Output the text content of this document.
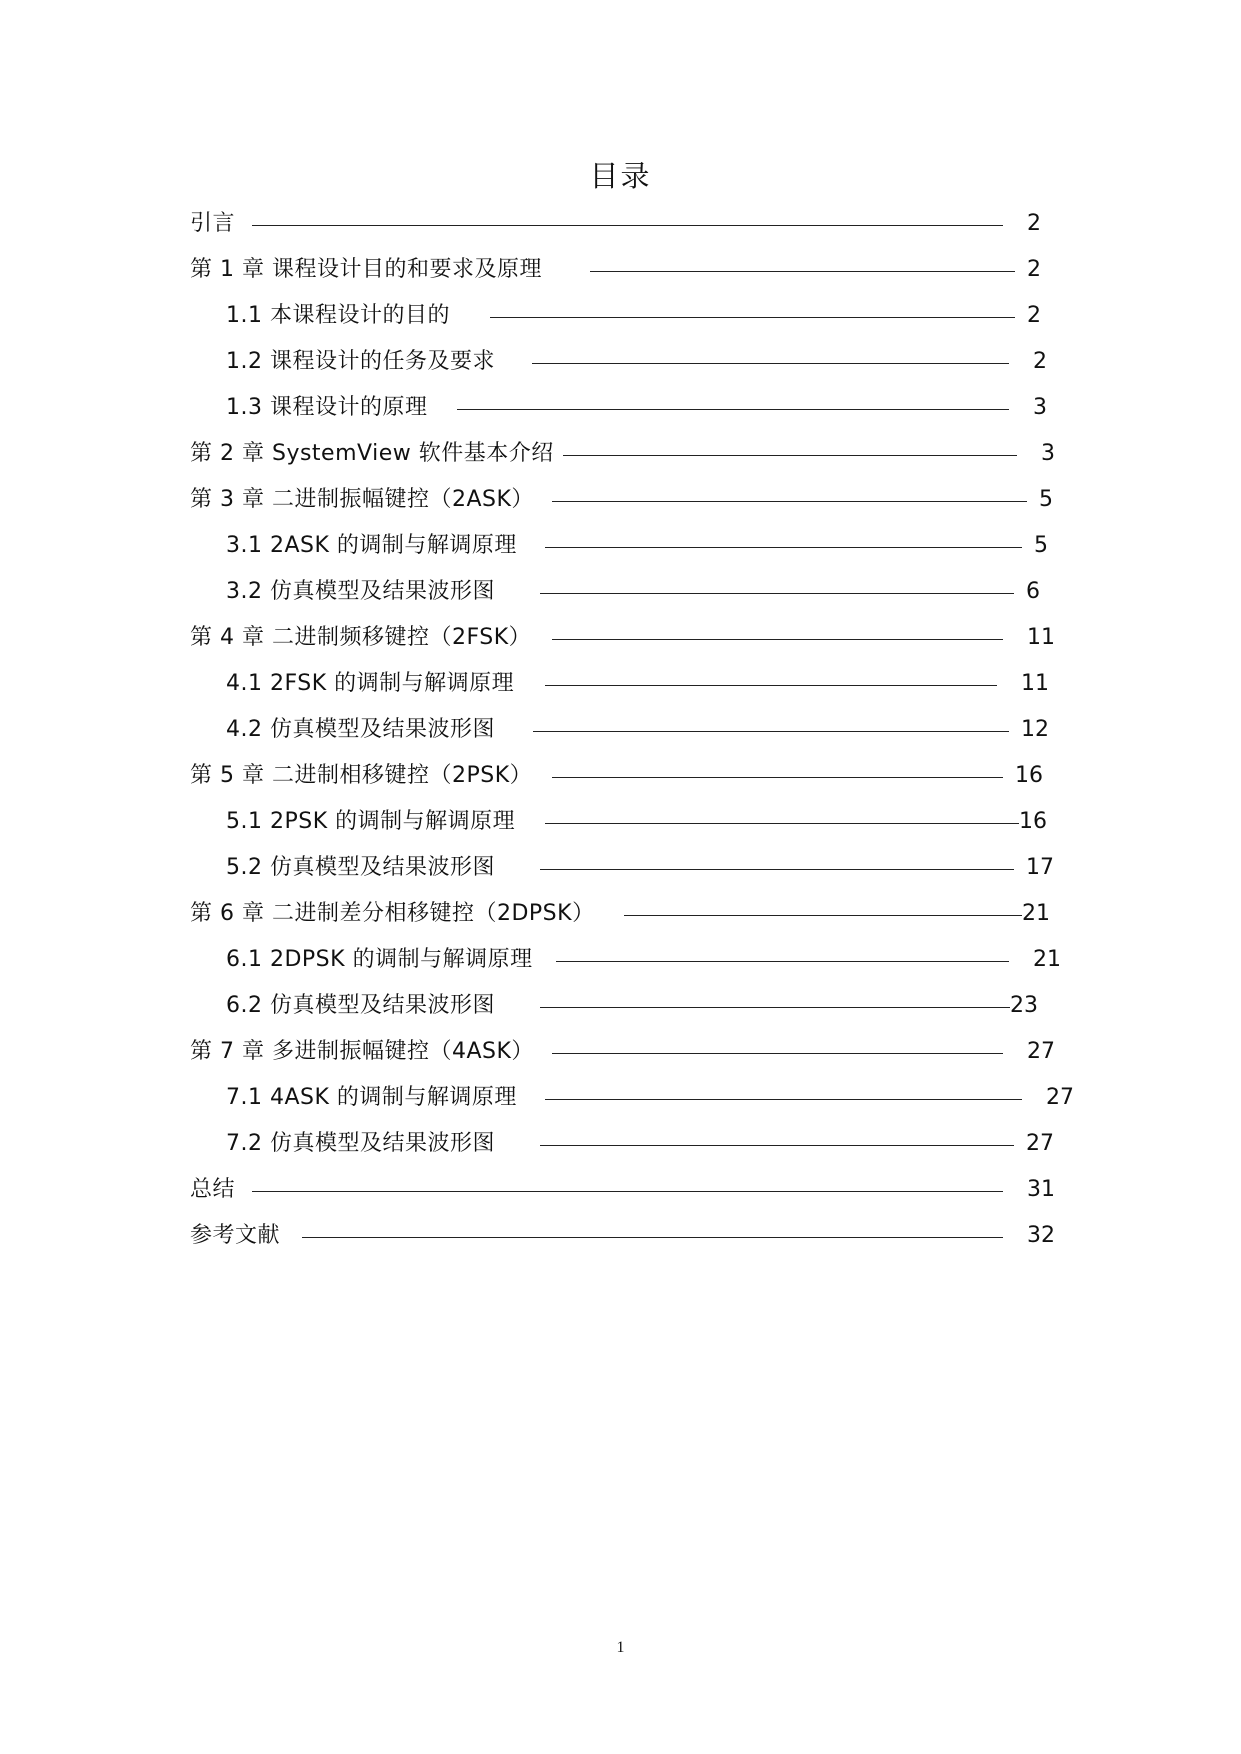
目录
引言	2
第 1 章 课程设计目的和要求及原理	2
1.1 本课程设计的目的	2
1.2 课程设计的任务及要求	2
1.3 课程设计的原理	3
第 2 章 SystemView 软件基本介绍	3
第 3 章 二进制振幅键控（2ASK）	5
3.1 2ASK 的调制与解调原理	5
3.2 仿真模型及结果波形图	6
第 4 章 二进制频移键控（2FSK）	11
4.1 2FSK 的调制与解调原理	11
4.2 仿真模型及结果波形图	12
第 5 章 二进制相移键控（2PSK）	16
5.1 2PSK 的调制与解调原理	16
5.2 仿真模型及结果波形图	17
第 6 章 二进制差分相移键控（2DPSK）	21
6.1 2DPSK 的调制与解调原理	21
6.2 仿真模型及结果波形图	23
第 7 章 多进制振幅键控（4ASK）	27
7.1 4ASK 的调制与解调原理	27
7.2 仿真模型及结果波形图	27
总结	31
参考文献	32
1
